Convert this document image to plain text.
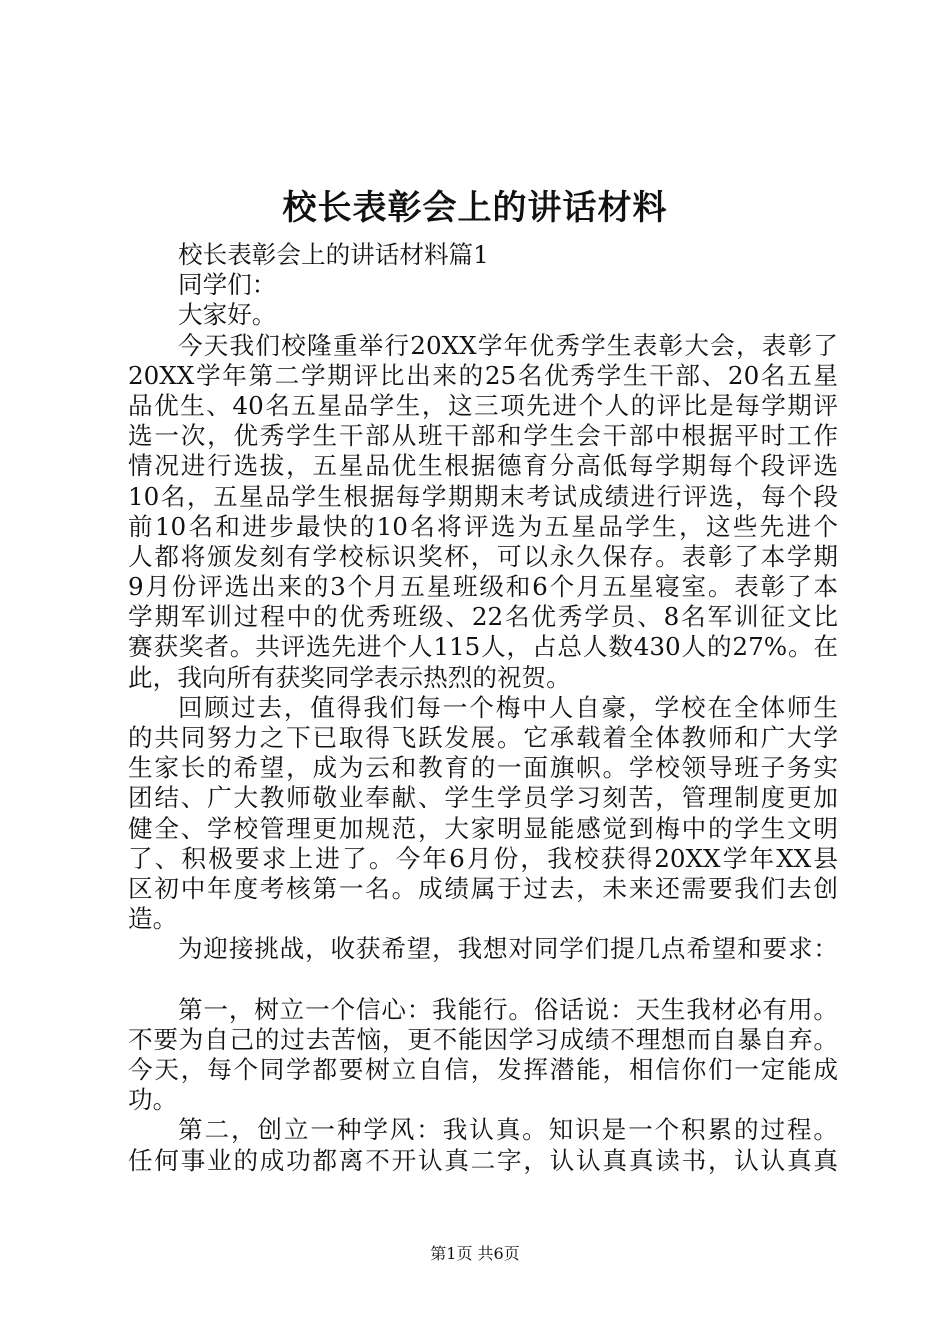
校长表彰会上的讲话材料
校长表彰会上的讲话材料篇1
同学们：
大家好。
今天我们校隆重举行20XX学年优秀学生表彰大会，表彰了
20XX学年第二学期评比出来的25名优秀学生干部、20名五星
品优生、40名五星品学生，这三项先进个人的评比是每学期评
选一次，优秀学生干部从班干部和学生会干部中根据平时工作
情况进行选拔，五星品优生根据德育分高低每学期每个段评选
10名，五星品学生根据每学期期末考试成绩进行评选，每个段
前10名和进步最快的10名将评选为五星品学生，这些先进个
人都将颁发刻有学校标识奖杯，可以永久保存。表彰了本学期
9月份评选出来的3个月五星班级和6个月五星寝室。表彰了本
学期军训过程中的优秀班级、22名优秀学员、8名军训征文比
赛获奖者。共评选先进个人115人，占总人数430人的27%。在
此，我向所有获奖同学表示热烈的祝贺。
回顾过去，值得我们每一个梅中人自豪，学校在全体师生
的共同努力之下已取得飞跃发展。它承载着全体教师和广大学
生家长的希望，成为云和教育的一面旗帜。学校领导班子务实
团结、广大教师敬业奉献、学生学员学习刻苦，管理制度更加
健全、学校管理更加规范，大家明显能感觉到梅中的学生文明
了、积极要求上进了。今年6月份，我校获得20XX学年XX县
区初中年度考核第一名。成绩属于过去，未来还需要我们去创
造。
为迎接挑战，收获希望，我想对同学们提几点希望和要求：
第一，树立一个信心：我能行。俗话说：天生我材必有用。
不要为自己的过去苦恼，更不能因学习成绩不理想而自暴自弃。
今天，每个同学都要树立自信，发挥潜能，相信你们一定能成
功。
第二，创立一种学风：我认真。知识是一个积累的过程。
任何事业的成功都离不开认真二字，认认真真读书，认认真真
第1页 共6页
